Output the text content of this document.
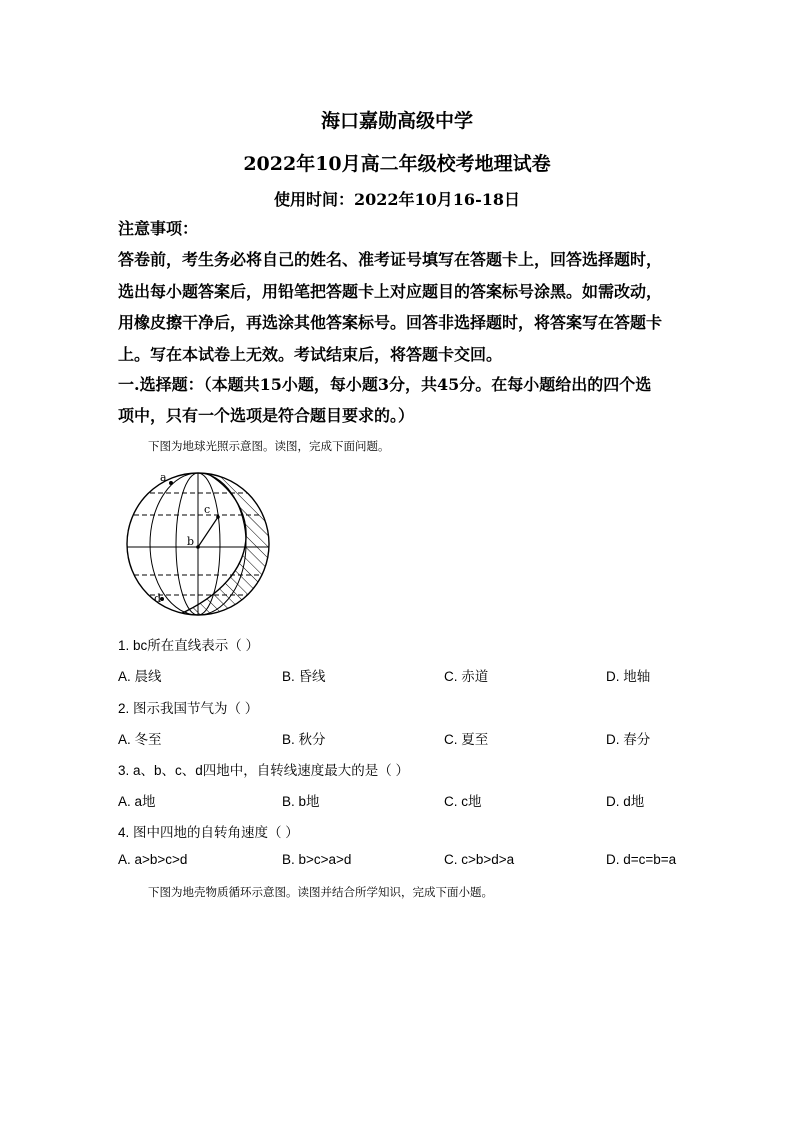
海口嘉勋高级中学
2022年10月高二年级校考地理试卷
使用时间：2022年10月16-18日
注意事项：
答卷前，考生务必将自己的姓名、准考证号填写在答题卡上，回答选择题时，
选出每小题答案后，用铅笔把答题卡上对应题目的答案标号涂黑。如需改动，
用橡皮擦干净后，再选涂其他答案标号。回答非选择题时，将答案写在答题卡
上。写在本试卷上无效。考试结束后，将答题卡交回。
一.选择题：（本题共15小题，每小题3分，共45分。在每小题给出的四个选
项中，只有一个选项是符合题目要求的。）
下图为地球光照示意图。读图，完成下面问题。
a
b
c
d
1. bc所在直线表示（ ）
A. 晨线	B. 昏线	C. 赤道	D. 地轴
2. 图示我国节气为（ ）
A. 冬至	B. 秋分	C. 夏至	D. 春分
3. a、b、c、d四地中，自转线速度最大的是（ ）
A. a地	B. b地	C. c地	D. d地
4. 图中四地的自转角速度（ ）
A. a>b>c>d	B. b>c>a>d	C. c>b>d>a	D. d=c=b=a
下图为地壳物质循环示意图。读图并结合所学知识，完成下面小题。
